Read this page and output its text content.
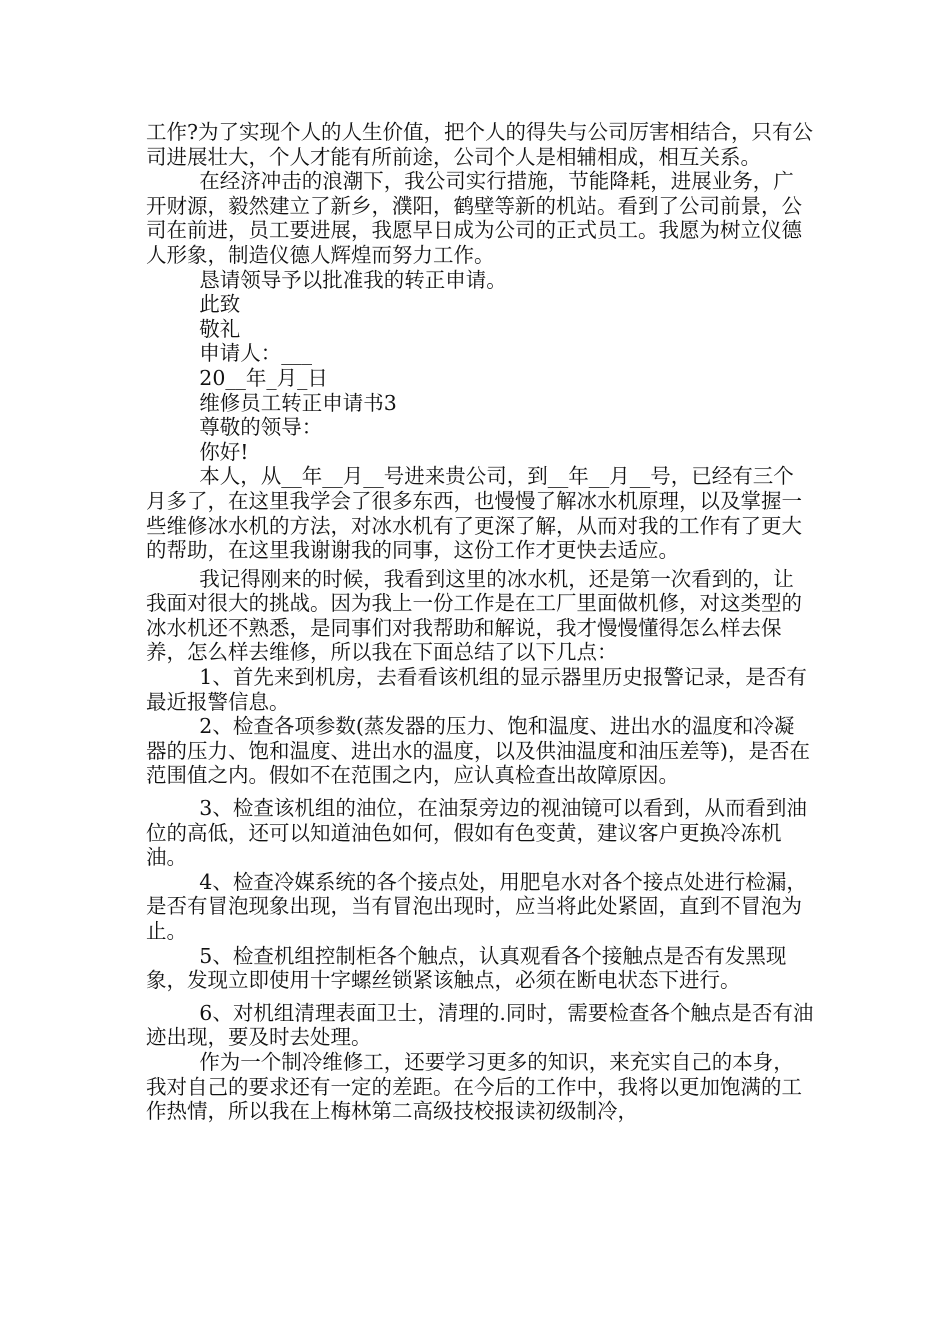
工作?为了实现个人的人生价值，把个人的得失与公司厉害相结合，只有公司进展壮大，个人才能有所前途，公司个人是相辅相成，相互关系。

在经济冲击的浪潮下，我公司实行措施，节能降耗，进展业务，广开财源，毅然建立了新乡，濮阳，鹤壁等新的机站。看到了公司前景，公司在前进，员工要进展，我愿早日成为公司的正式员工。我愿为树立仪德人形象，制造仪德人辉煌而努力工作。

恳请领导予以批准我的转正申请。

此致

敬礼

申请人：___

20__年_月_日

维修员工转正申请书3

尊敬的领导：

你好!

本人，从__年__月__号进来贵公司，到__年__月__号，已经有三个月多了，在这里我学会了很多东西，也慢慢了解冰水机原理，以及掌握一些维修冰水机的方法，对冰水机有了更深了解，从而对我的工作有了更大的帮助，在这里我谢谢我的同事，这份工作才更快去适应。

我记得刚来的时候，我看到这里的冰水机，还是第一次看到的，让我面对很大的挑战。因为我上一份工作是在工厂里面做机修，对这类型的冰水机还不熟悉，是同事们对我帮助和解说，我才慢慢懂得怎么样去保养，怎么样去维修，所以我在下面总结了以下几点：

1、首先来到机房，去看看该机组的显示器里历史报警记录，是否有最近报警信息。

2、检查各项参数(蒸发器的压力、饱和温度、进出水的温度和冷凝器的压力、饱和温度、进出水的温度，以及供油温度和油压差等)，是否在范围值之内。假如不在范围之内，应认真检查出故障原因。

3、检查该机组的油位，在油泵旁边的视油镜可以看到，从而看到油位的高低，还可以知道油色如何，假如有色变黄，建议客户更换冷冻机油。

4、检查冷媒系统的各个接点处，用肥皂水对各个接点处进行检漏，是否有冒泡现象出现，当有冒泡出现时，应当将此处紧固，直到不冒泡为止。

5、检查机组控制柜各个触点，认真观看各个接触点是否有发黑现象，发现立即使用十字螺丝锁紧该触点，必须在断电状态下进行。

6、对机组清理表面卫士，清理的.同时，需要检查各个触点是否有油迹出现，要及时去处理。

作为一个制冷维修工，还要学习更多的知识，来充实自己的本身，我对自己的要求还有一定的差距。在今后的工作中，我将以更加饱满的工作热情，所以我在上梅林第二高级技校报读初级制冷，
